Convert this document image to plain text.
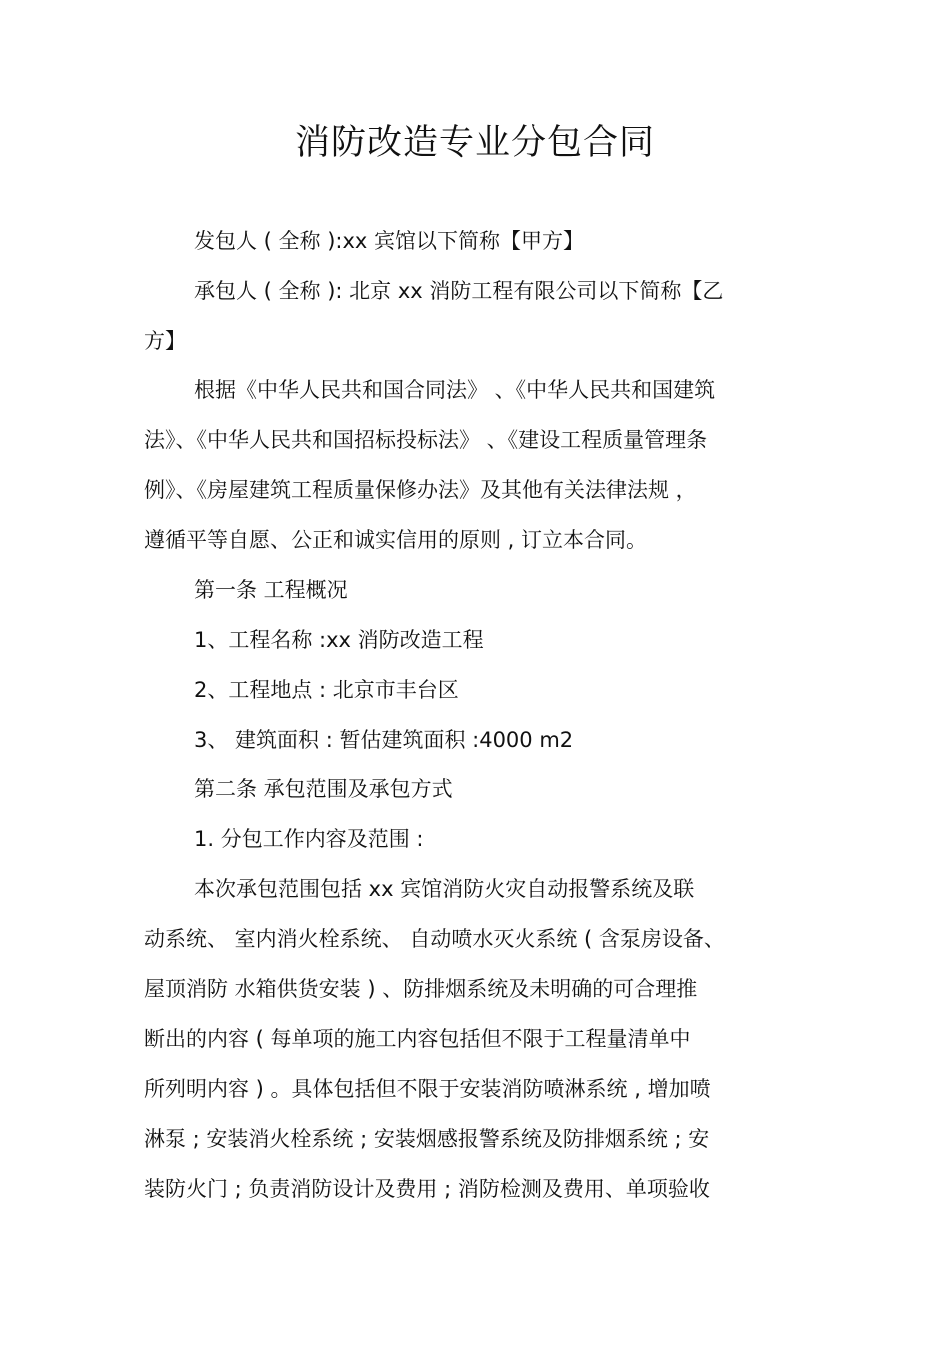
消防改造专业分包合同
发包人 ( 全称 ):xx 宾馆以下简称【甲方】
承包人 ( 全称 ): 北京 xx 消防工程有限公司以下简称【乙
方】
根据《中华人民共和国合同法》 、《中华人民共和国建筑
法》、《中华人民共和国招标投标法》 、《建设工程质量管理条
例》、《房屋建筑工程质量保修办法》及其他有关法律法规 ，
遵循平等自愿、公正和诚实信用的原则 , 订立本合同。
第一条 工程概况
1、工程名称 :xx 消防改造工程
2、工程地点 : 北京市丰台区
3、 建筑面积 : 暂估建筑面积 :4000 m2
第二条 承包范围及承包方式
1. 分包工作内容及范围 :
本次承包范围包括 xx 宾馆消防火灾自动报警系统及联
动系统、 室内消火栓系统、 自动喷水灭火系统 ( 含泵房设备、
屋顶消防 水箱供货安装 ) 、防排烟系统及未明确的可合理推
断出的内容 ( 每单项的施工内容包括但不限于工程量清单中
所列明内容 ) 。具体包括但不限于安装消防喷淋系统 , 增加喷
淋泵 ; 安装消火栓系统 ; 安装烟感报警系统及防排烟系统 ; 安
装防火门 ; 负责消防设计及费用 ; 消防检测及费用、单项验收
